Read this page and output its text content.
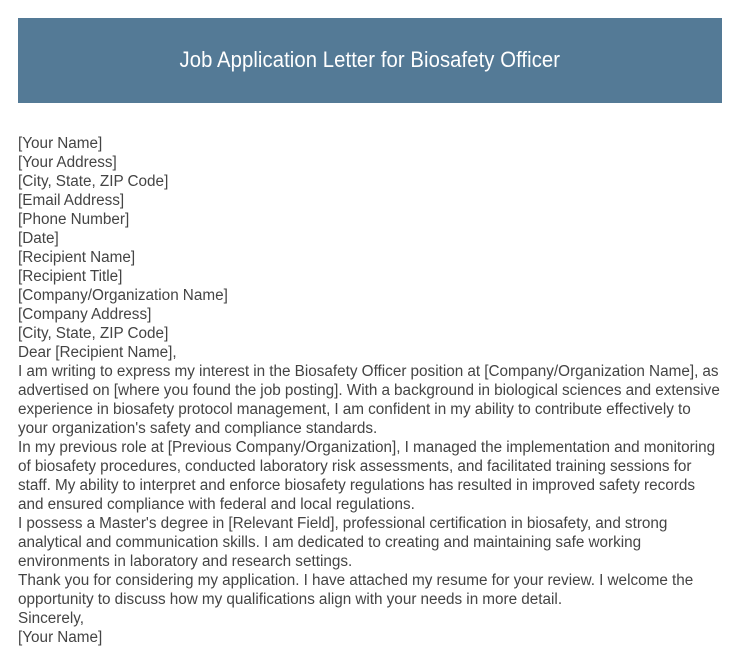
Job Application Letter for Biosafety Officer

[Your Name]

[Your Address]

[City, State, ZIP Code]

[Email Address]

[Phone Number]

[Date]

[Recipient Name]

[Recipient Title]

[Company/Organization Name]

[Company Address]

[City, State, ZIP Code]

Dear [Recipient Name],

I am writing to express my interest in the Biosafety Officer position at [Company/Organization Name], as advertised on [where you found the job posting]. With a background in biological sciences and extensive experience in biosafety protocol management, I am confident in my ability to contribute effectively to your organization's safety and compliance standards.

In my previous role at [Previous Company/Organization], I managed the implementation and monitoring of biosafety procedures, conducted laboratory risk assessments, and facilitated training sessions for staff. My ability to interpret and enforce biosafety regulations has resulted in improved safety records and ensured compliance with federal and local regulations.

I possess a Master's degree in [Relevant Field], professional certification in biosafety, and strong analytical and communication skills. I am dedicated to creating and maintaining safe working environments in laboratory and research settings.

Thank you for considering my application. I have attached my resume for your review. I welcome the opportunity to discuss how my qualifications align with your needs in more detail.

Sincerely,

[Your Name]
